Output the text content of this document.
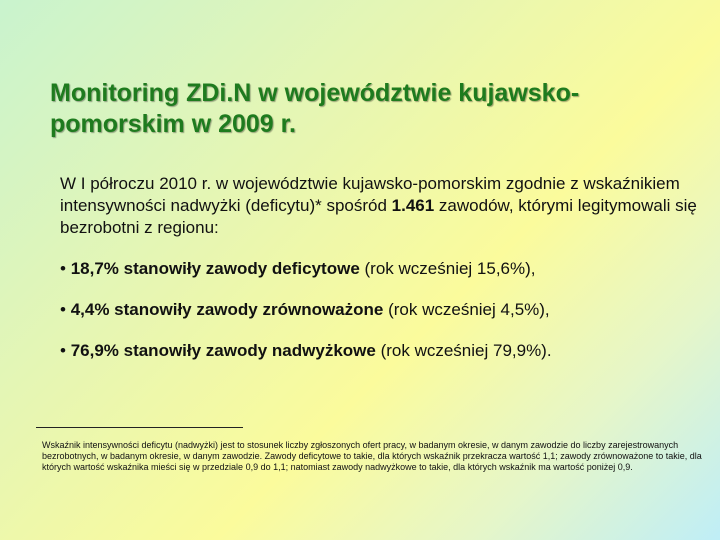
Monitoring ZDi.N w województwie kujawsko-pomorskim w 2009 r.

W I półroczu 2010 r. w województwie kujawsko-pomorskim zgodnie z wskaźnikiem intensywności nadwyżki (deficytu)* spośród 1.461 zawodów, którymi legitymowali się bezrobotni z regionu:

• 18,7% stanowiły zawody deficytowe (rok wcześniej 15,6%),
• 4,4% stanowiły zawody zrównoważone (rok wcześniej 4,5%),
• 76,9% stanowiły zawody nadwyżkowe (rok wcześniej 79,9%).

Wskaźnik intensywności deficytu (nadwyżki) jest to stosunek liczby zgłoszonych ofert pracy, w badanym okresie, w danym zawodzie do liczby zarejestrowanych bezrobotnych, w badanym okresie, w danym zawodzie. Zawody deficytowe to takie, dla których wskaźnik przekracza wartość 1,1; zawody zrównoważone to takie, dla których wartość wskaźnika mieści się w przedziale 0,9 do 1,1; natomiast zawody nadwyżkowe to takie, dla których wskaźnik ma wartość poniżej 0,9.
